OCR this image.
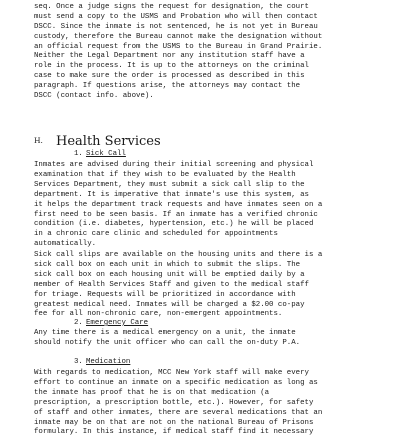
seq. Once a judge signs the request for designation, the court
must send a copy to the USMS and Probation who will then contact
DSCC. Since the inmate is not sentenced, he is not yet in Bureau
custody, therefore the Bureau cannot make the designation without
an official request from the USMS to the Bureau in Grand Prairie.
Neither the Legal Department nor any institution staff have a
role in the process. It is up to the attorneys on the criminal
case to make sure the order is processed as described in this
paragraph. If questions arise, the attorneys may contact the
DSCC (contact info. above).
H. Health Services
1. Sick Call
Inmates are advised during their initial screening and physical
examination that if they wish to be evaluated by the Health
Services Department, they must submit a sick call slip to the
department. It is imperative that inmate's use this system, as
it helps the department track requests and have inmates seen on a
first need to be seen basis. If an inmate has a verified chronic
condition (i.e. diabetes, hypertension, etc.) he will be placed
in a chronic care clinic and scheduled for appointments
automatically.
Sick call slips are available on the housing units and there is a
sick call box on each unit in which to submit the slips. The
sick call box on each housing unit will be emptied daily by a
member of Health Services Staff and given to the medical staff
for triage. Requests will be prioritized in accordance with
greatest medical need. Inmates will be charged a $2.00 co-pay
fee for all non-chronic care, non-emergent appointments.
2. Emergency Care
Any time there is a medical emergency on a unit, the inmate
should notify the unit officer who can call the on-duty P.A.
3. Medication
With regards to medication, MCC New York staff will make every
effort to continue an inmate on a specific medication as long as
the inmate has proof that he is on that medication (a
prescription, a prescription bottle, etc.). However, for safety
of staff and other inmates, there are several medications that an
inmate may be on that are not on the national Bureau of Prisons
formulary. In this instance, if medical staff find it necessary
